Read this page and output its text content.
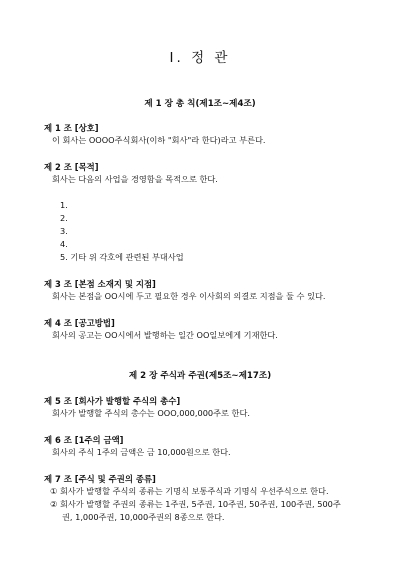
I. 정 관
제 1 장 총 칙(제1조~제4조)
제 1 조 [상호]
이 회사는 OOOO주식회사(이하 "회사"라 한다)라고 부른다.
제 2 조 [목적]
회사는 다음의 사업을 경영함을 목적으로 한다.
1.
2.
3.
4.
5. 기타 위 각호에 관련된 부대사업
제 3 조 [본점 소재지 및 지점]
회사는 본점을 OO시에 두고 필요한 경우 이사회의 의결로 지점을 둘 수 있다.
제 4 조 [공고방법]
회사의 공고는 OO시에서 발행하는 일간 OO일보에게 기재한다.
제 2 장 주식과 주권(제5조~제17조)
제 5 조 [회사가 발행할 주식의 총수]
회사가 발행할 주식의 총수는 OOO,000,000주로 한다.
제 6 조 [1주의 금액]
회사의 주식 1주의 금액은 금 10,000원으로 한다.
제 7 조 [주식 및 주권의 종류]
① 회사가 발행할 주식의 종류는 기명식 보통주식과 기명식 우선주식으로 한다.
② 회사가 발행할 주권의 종류는 1주권, 5주권, 10주권, 50주권, 100주권, 500주
권, 1,000주권, 10,000주권의 8종으로 한다.
